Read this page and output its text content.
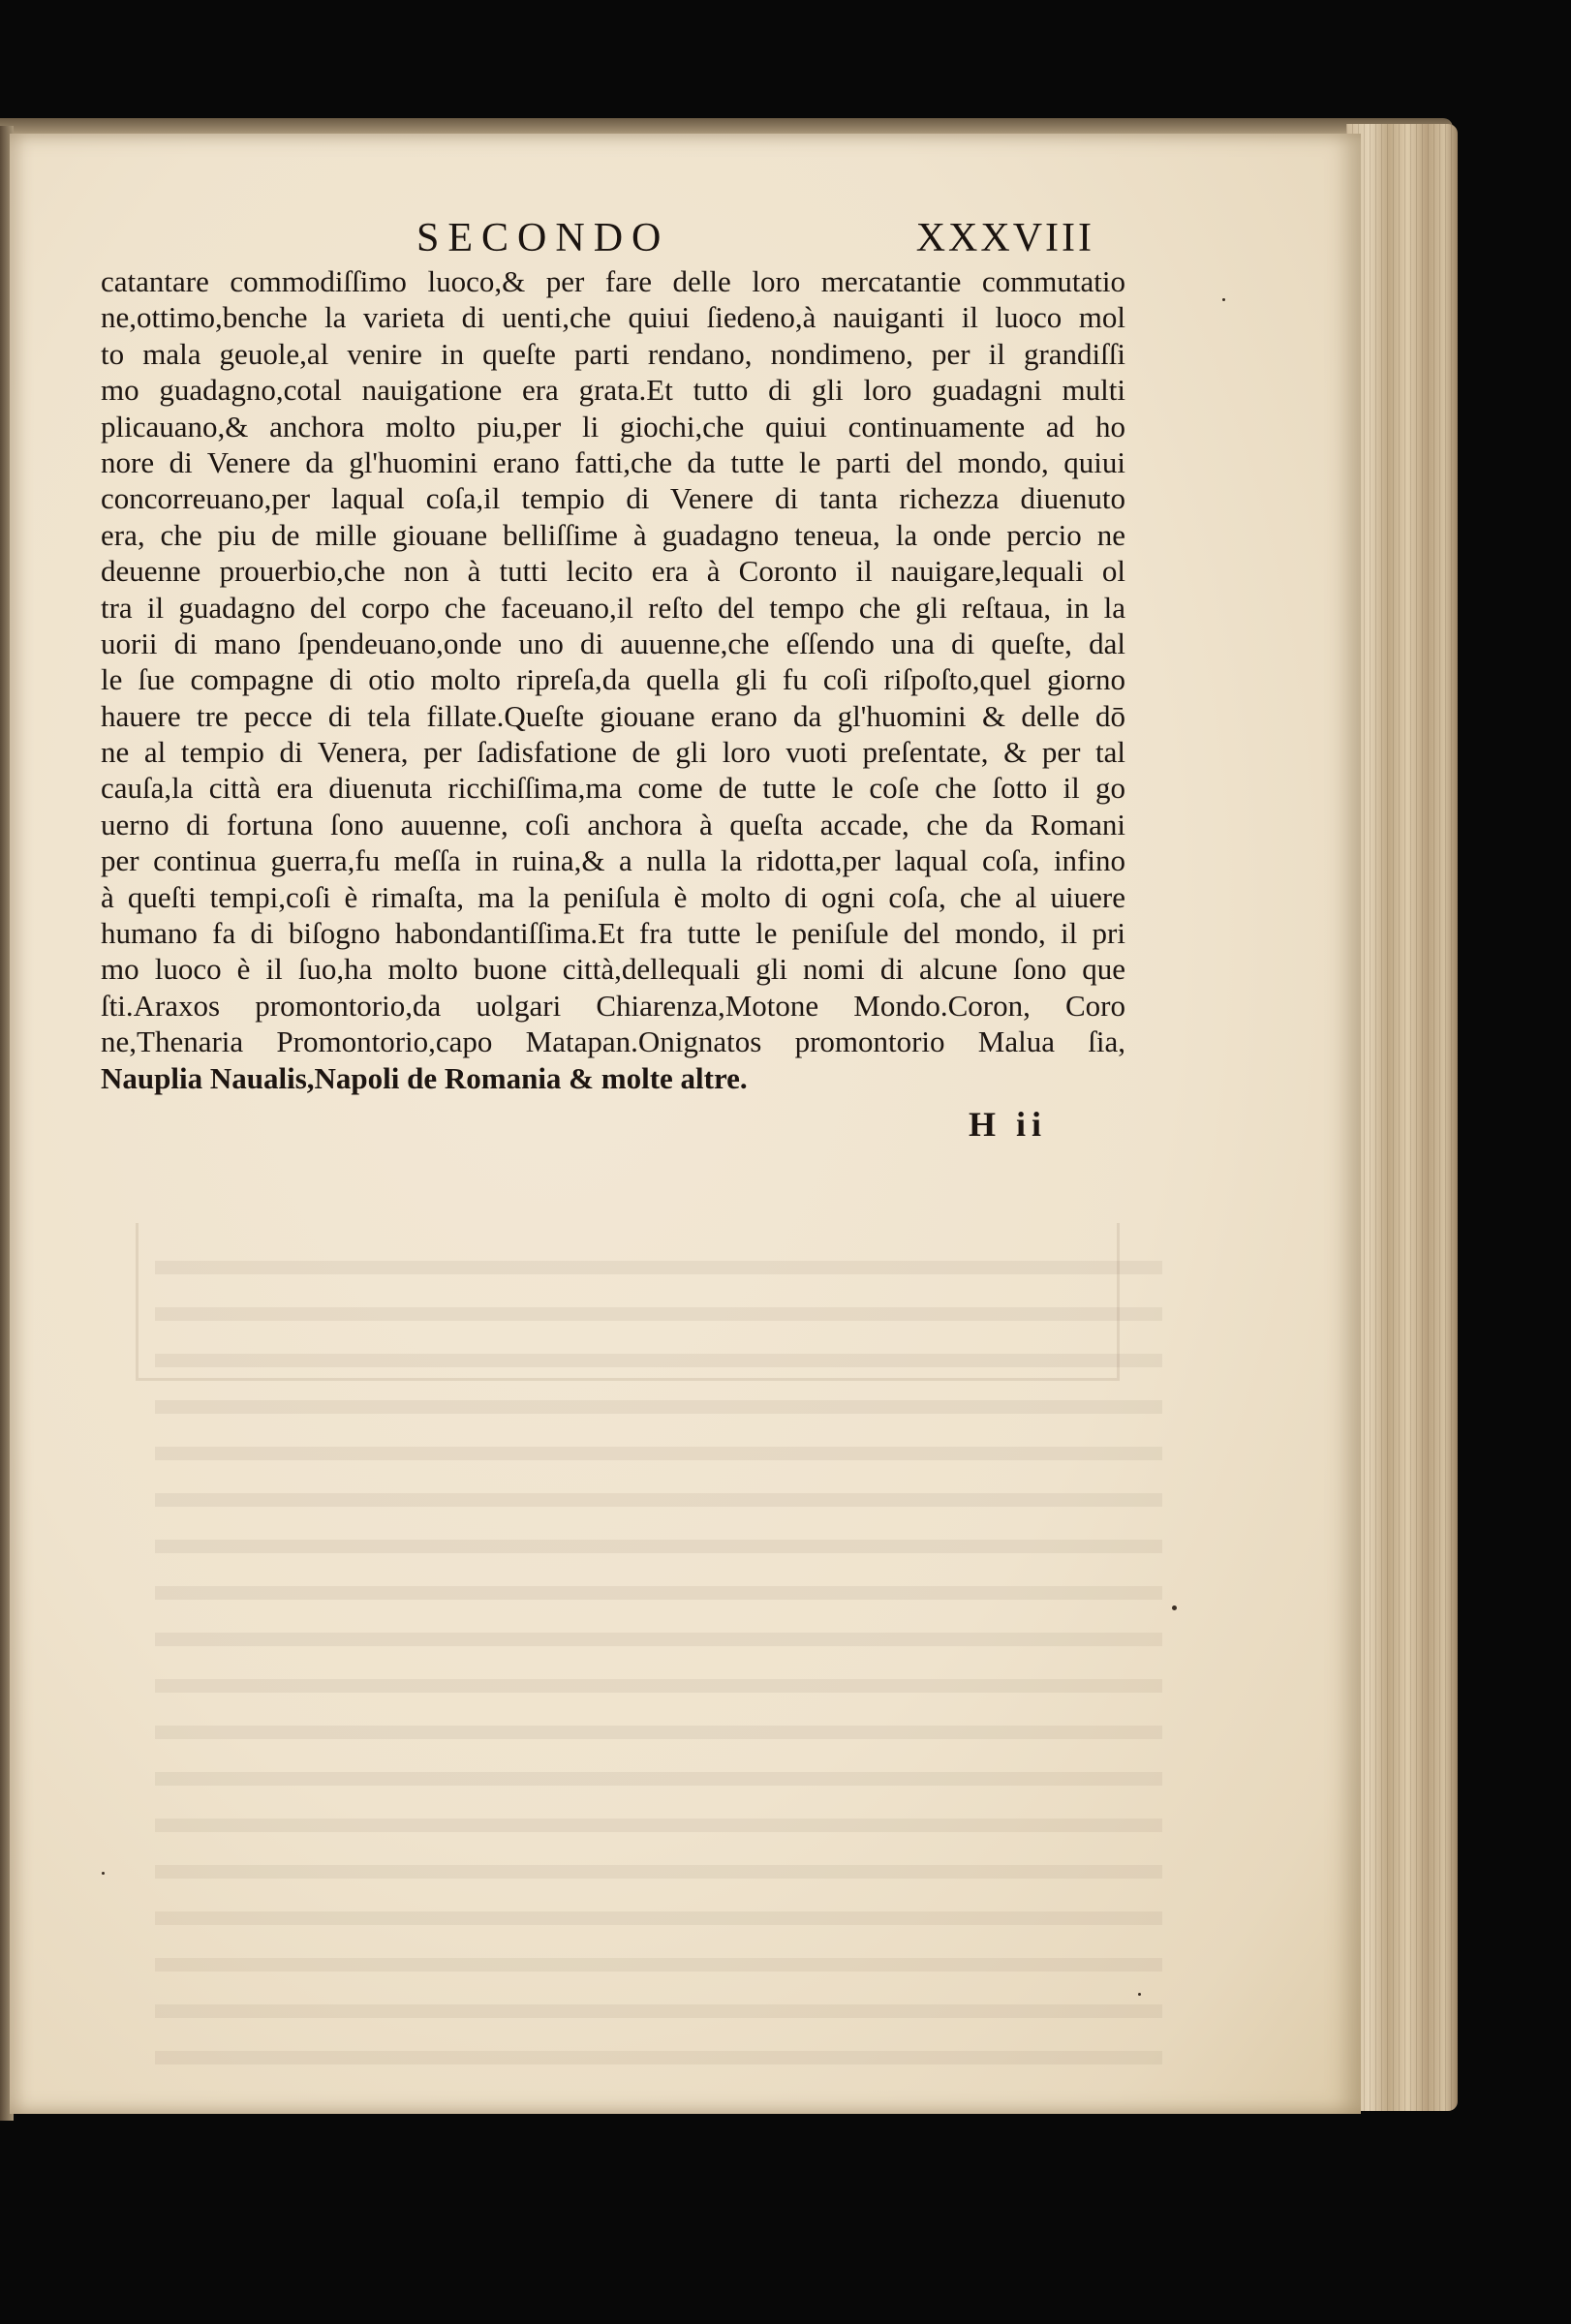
SECONDO	XXXVIII
catantare commodiſſimo luoco,& per fare delle loro mercatantie commutatio
ne,ottimo,benche la varieta di uenti,che quiui ſiedeno,à nauiganti il luoco mol
to mala geuole,al venire in queſte parti rendano, nondimeno, per il grandiſſi
mo guadagno,cotal nauigatione era grata.Et tutto di gli loro guadagni multi
plicauano,& anchora molto piu,per li giochi,che quiui continuamente ad ho
nore di Venere da gl'huomini erano fatti,che da tutte le parti del mondo, quiui
concorreuano,per laqual coſa,il tempio di Venere di tanta richezza diuenuto
era, che piu de mille giouane belliſſime à guadagno teneua, la onde percio ne
deuenne prouerbio,che non à tutti lecito era à Coronto il nauigare,lequali ol
tra il guadagno del corpo che faceuano,il reſto del tempo che gli reſtaua, in la
uorii di mano ſpendeuano,onde uno di auuenne,che eſſendo una di queſte, dal
le ſue compagne di otio molto ripreſa,da quella gli fu coſi riſpoſto,quel giorno
hauere tre pecce di tela fillate.Queſte giouane erano da gl'huomini & delle dō
ne al tempio di Venera, per ſadisfatione de gli loro vuoti preſentate, & per tal
cauſa,la città era diuenuta ricchiſſima,ma come de tutte le coſe che ſotto il go
uerno di fortuna ſono auuenne, coſi anchora à queſta accade, che da Romani
per continua guerra,fu meſſa in ruina,& a nulla la ridotta,per laqual coſa, infino
à queſti tempi,coſi è rimaſta, ma la peniſula è molto di ogni coſa, che al uiuere
humano fa di biſogno habondantiſſima.Et fra tutte le peniſule del mondo, il pri
mo luoco è il ſuo,ha molto buone città,dellequali gli nomi di alcune ſono que
ſti.Araxos promontorio,da uolgari Chiarenza,Motone Mondo.Coron, Coro
ne,Thenaria Promontorio,capo Matapan.Onignatos promontorio Malua ſia,
Nauplia Naualis,Napoli de Romania & molte altre.
H ii
